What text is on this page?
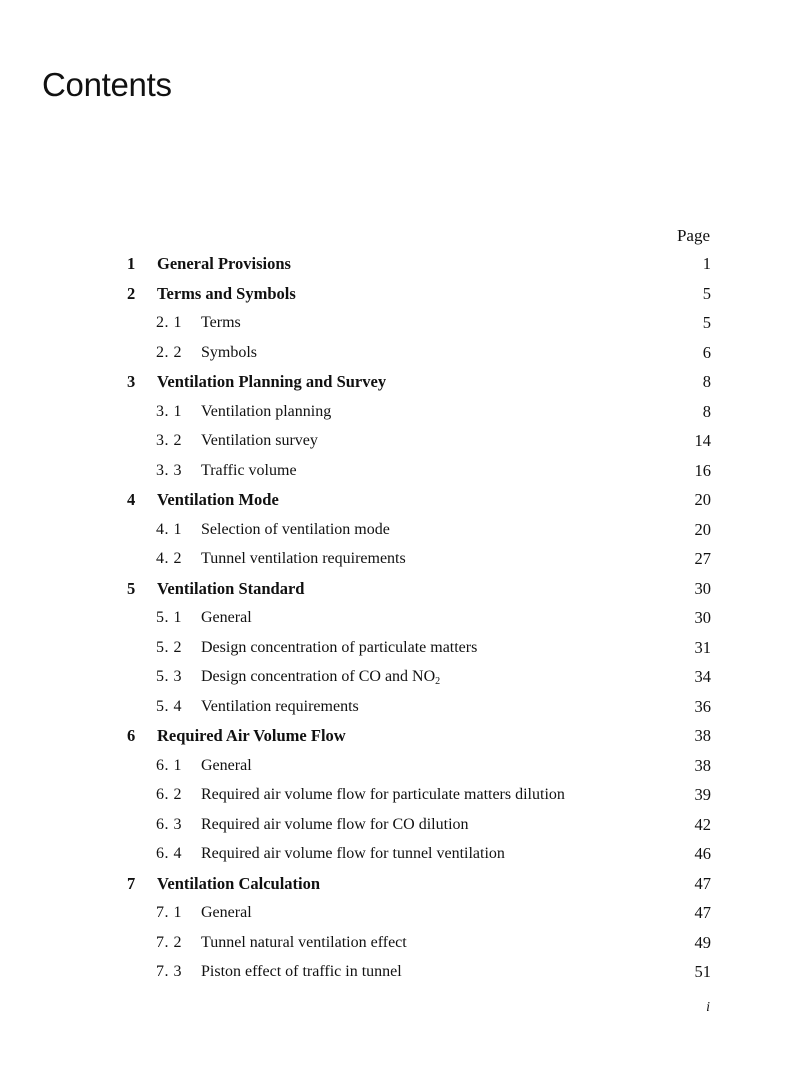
Contents
Page
1 General Provisions	1
2 Terms and Symbols	5
2. 1 Terms	5
2. 2 Symbols	6
3 Ventilation Planning and Survey	8
3. 1 Ventilation planning	8
3. 2 Ventilation survey	14
3. 3 Traffic volume	16
4 Ventilation Mode	20
4. 1 Selection of ventilation mode	20
4. 2 Tunnel ventilation requirements	27
5 Ventilation Standard	30
5. 1 General	30
5. 2 Design concentration of particulate matters	31
5. 3 Design concentration of CO and $NO_2$	34
5. 4 Ventilation requirements	36
6 Required Air Volume Flow	38
6. 1 General	38
6. 2 Required air volume flow for particulate matters dilution	39
6. 3 Required air volume flow for CO dilution	42
6. 4 Required air volume flow for tunnel ventilation	46
7 Ventilation Calculation	47
7. 1 General	47
7. 2 Tunnel natural ventilation effect	49
7. 3 Piston effect of traffic in tunnel	51
i
